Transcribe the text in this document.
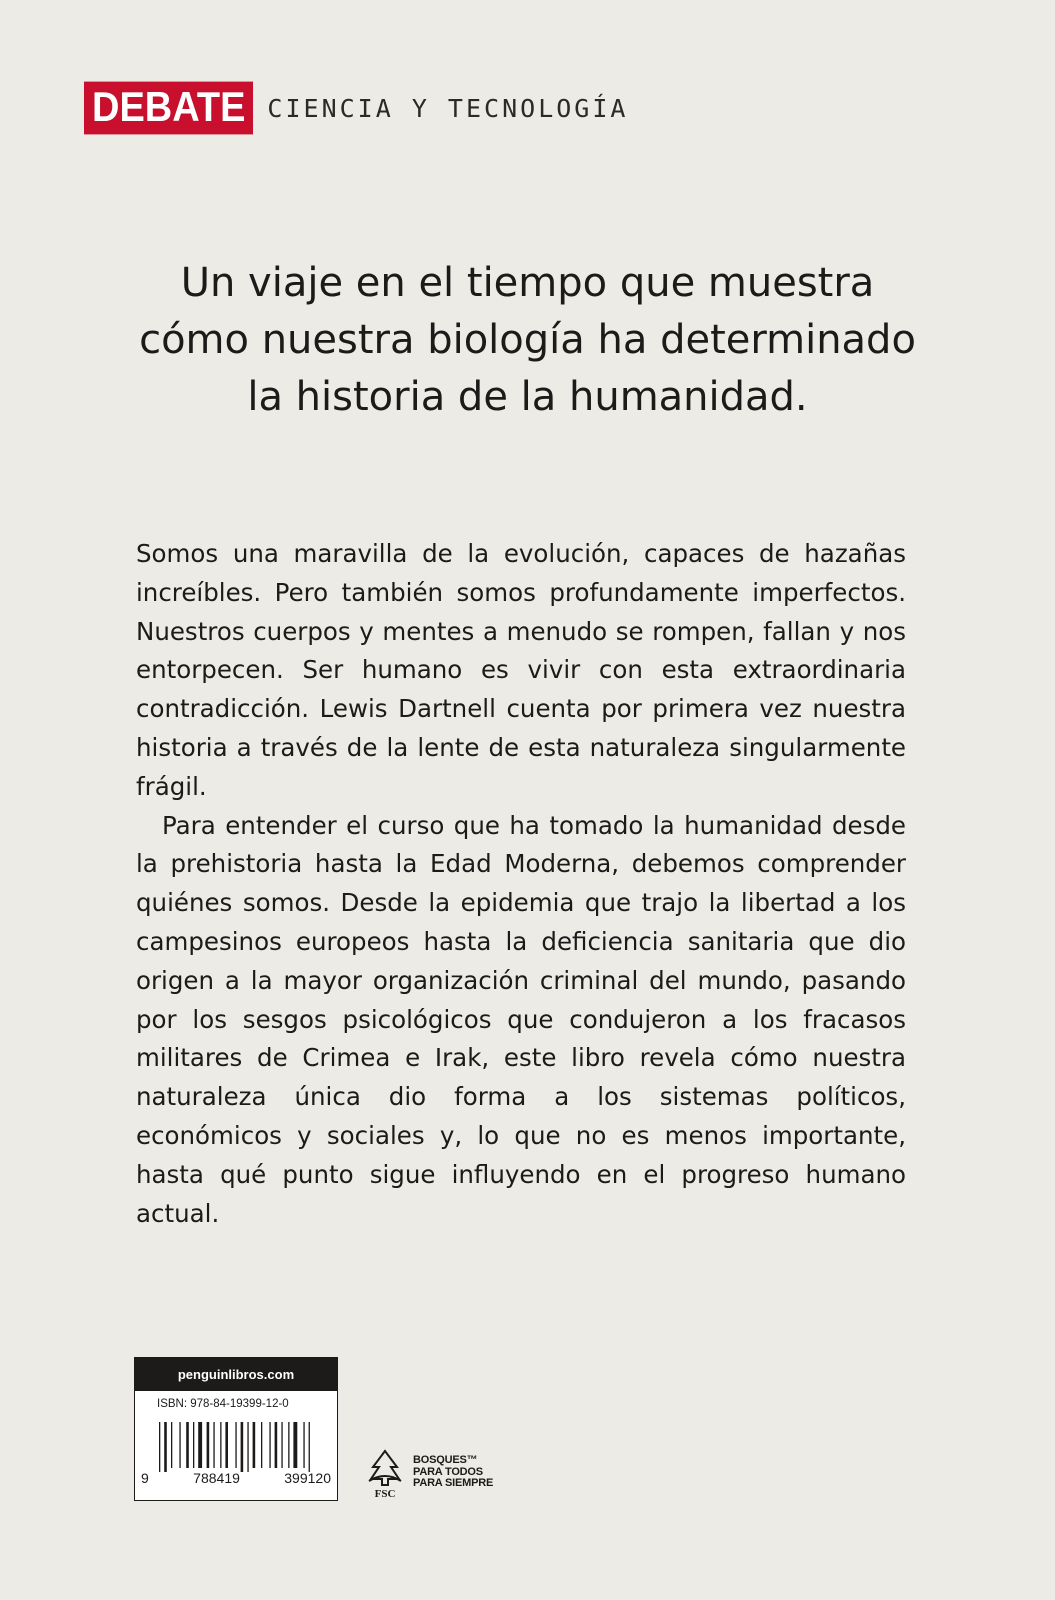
DEBATE CIENCIA Y TECNOLOGÍA
Un viaje en el tiempo que muestra
cómo nuestra biología ha determinado
la historia de la humanidad.

Somos una maravilla de la evolución, capaces de hazañas increíbles. Pero también somos profundamente imperfectos. Nuestros cuerpos y mentes a menudo se rompen, fallan y nos entorpecen. Ser humano es vivir con esta extraordinaria contradicción. Lewis Dartnell cuenta por primera vez nuestra historia a través de la lente de esta naturaleza singularmente frágil.

Para entender el curso que ha tomado la humanidad desde la prehistoria hasta la Edad Moderna, debemos comprender quiénes somos. Desde la epidemia que trajo la libertad a los campesinos europeos hasta la deficiencia sanitaria que dio origen a la mayor organización criminal del mundo, pasando por los sesgos psicológicos que condujeron a los fracasos militares de Crimea e Irak, este libro revela cómo nuestra naturaleza única dio forma a los sistemas políticos, económicos y sociales y, lo que no es menos importante, hasta qué punto sigue influyendo en el progreso humano actual.

penguinlibros.com
ISBN: 978-84-19399-12-0
9	788419	399120
FSC
BOSQUES™
PARA TODOS
PARA SIEMPRE
